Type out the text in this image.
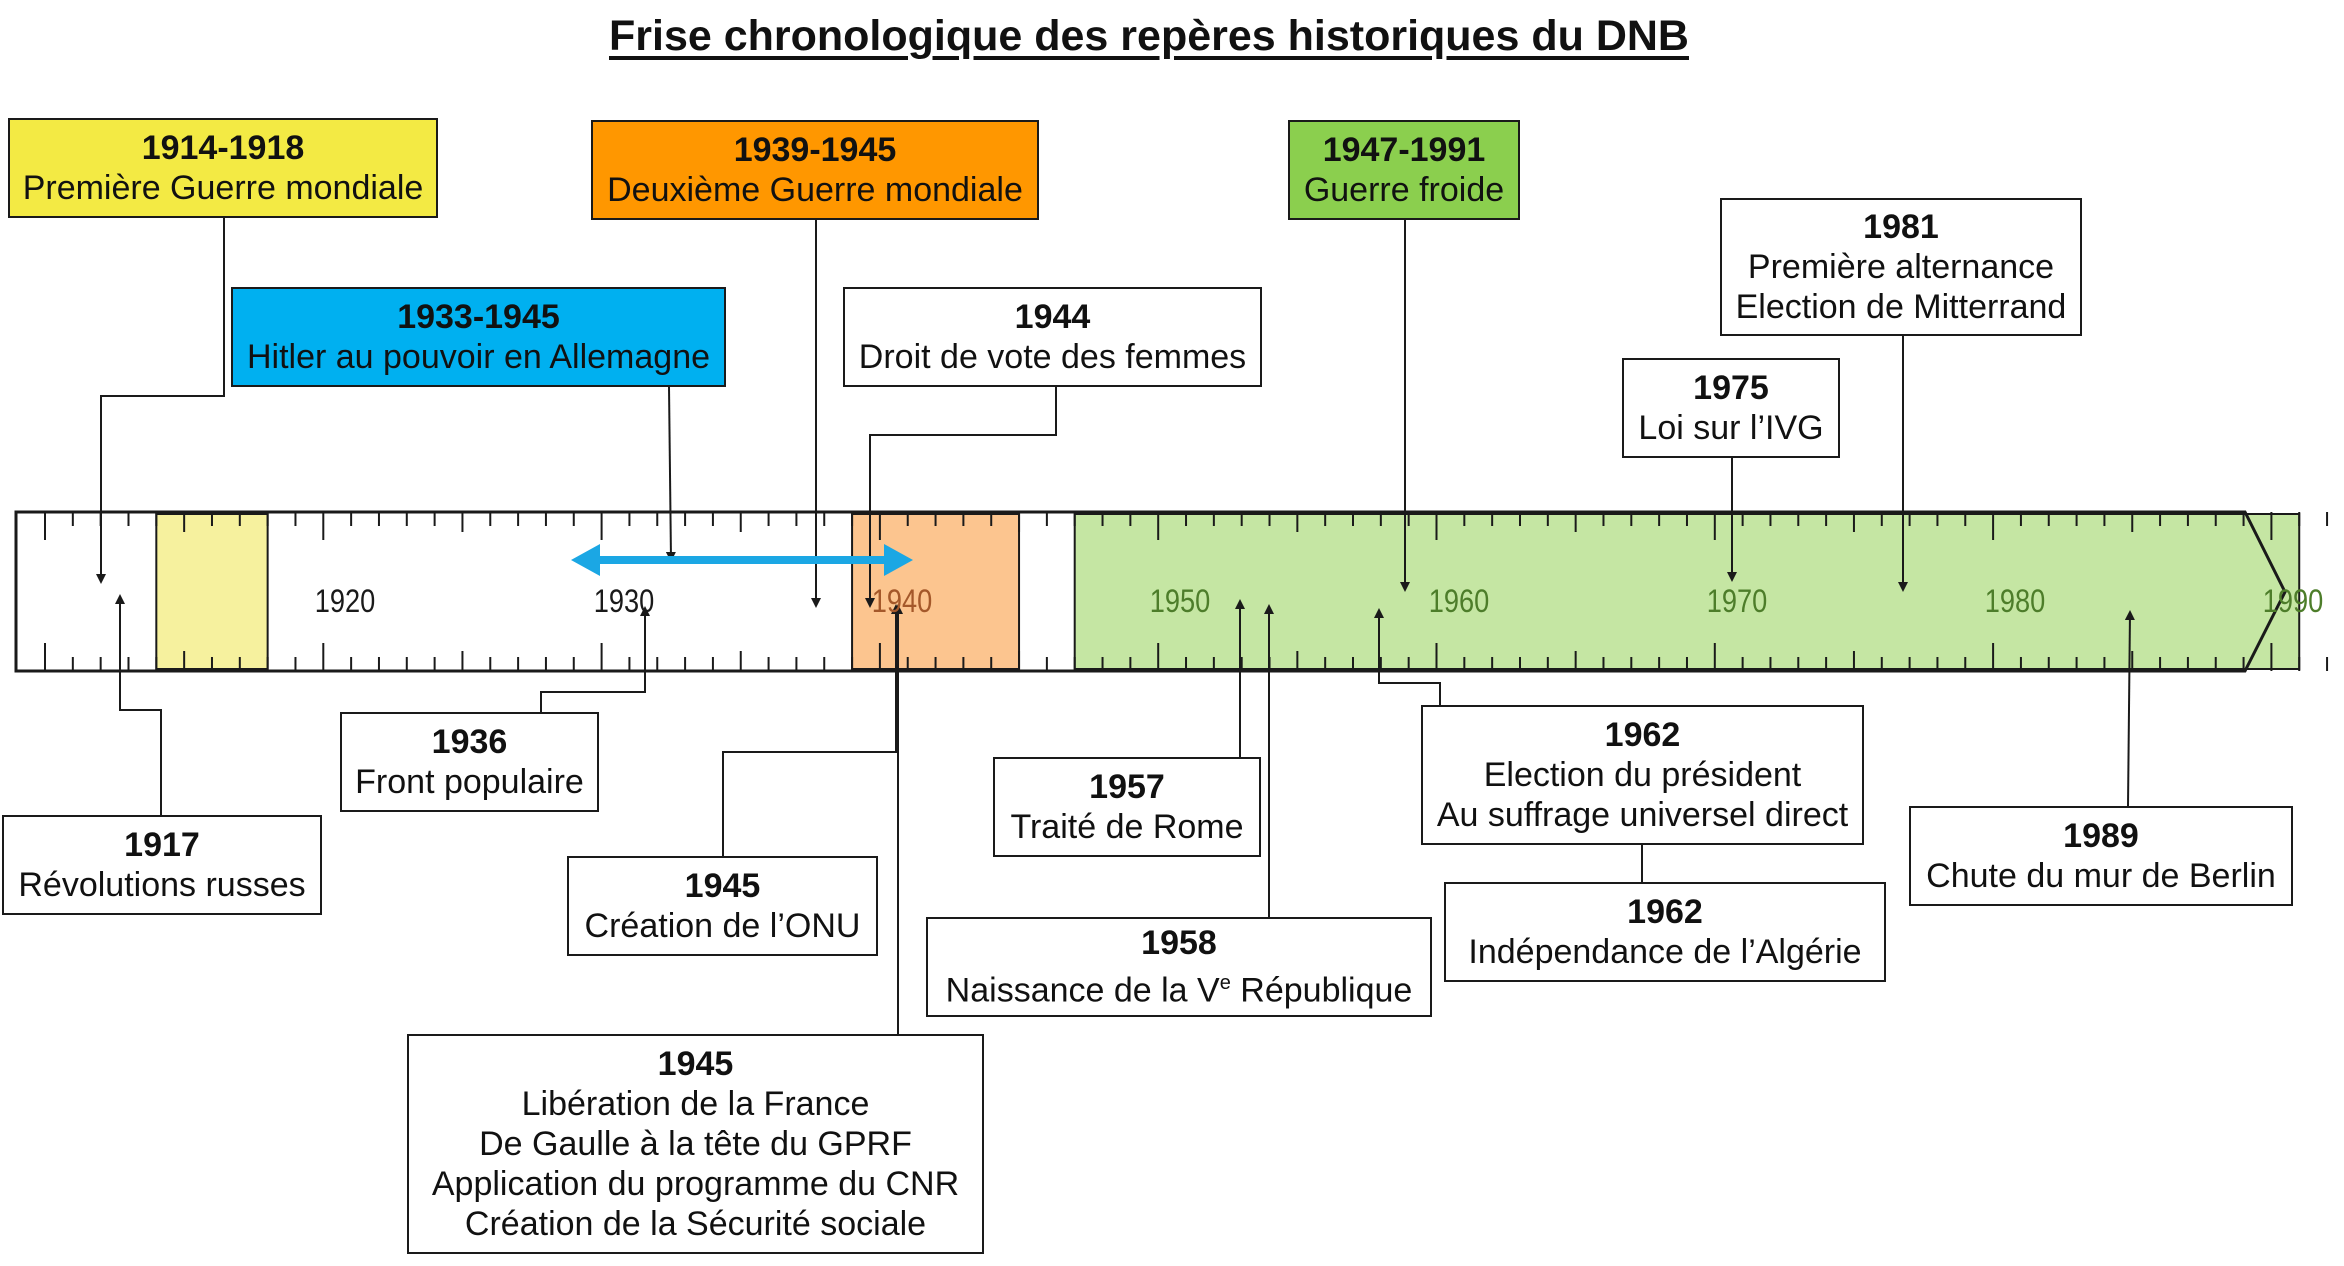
Frise chronologique des repères historiques du DNB
1920	1930	1940	1950	1960	1970	1980	1990
1914-1918
Première Guerre mondiale
1939-1945
Deuxième Guerre mondiale
1947-1991
Guerre froide
1933-1945
Hitler au pouvoir en Allemagne
1944
Droit de vote des femmes
1975
Loi sur l’IVG
1981
Première alternance
Election de Mitterrand
1917
Révolutions russes
1936
Front populaire
1945
Création de l’ONU
1945
Libération de la France
De Gaulle à la tête du GPRF
Application du programme du CNR
Création de la Sécurité sociale
1957
Traité de Rome
1958
Naissance de la Ve République
1962
Election du président
Au suffrage universel direct
1962
Indépendance de l’Algérie
1989
Chute du mur de Berlin
